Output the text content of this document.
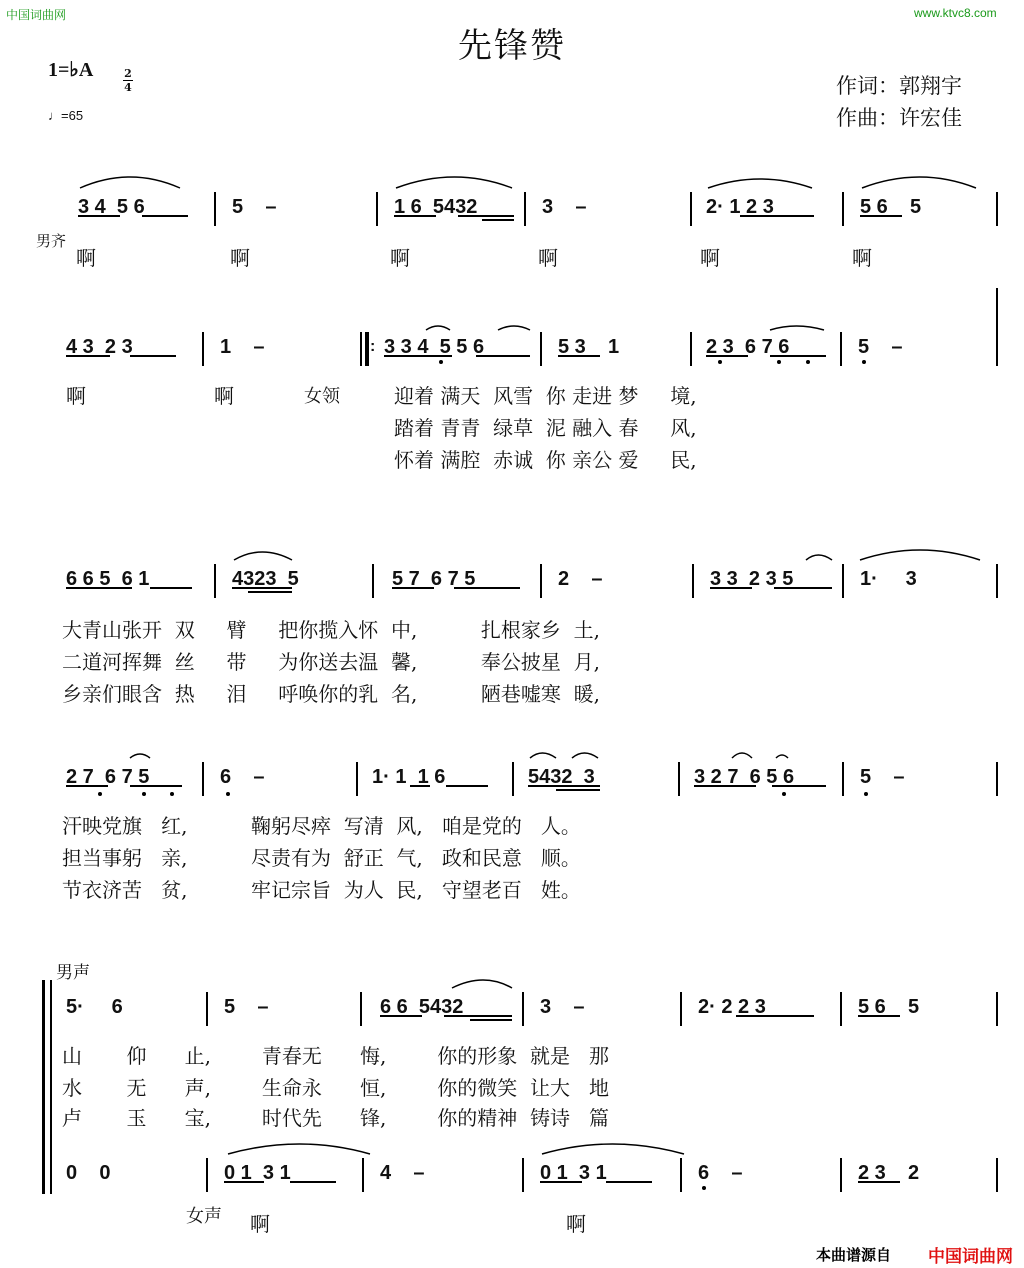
中国词曲网	www.ktvc8.com
先锋赞
作词：郭翔宇
作曲：许宏佳
1=♭A	2
4
♩=65
3 4  5 6	5    –	1 6  5432	3    –	2· 1 2 3	5 6    5
男齐
啊	啊	啊	啊	啊	啊
4 3  2 3	1    –	: 3 3 4  5 5 6	5 3    1	2 3  6 7 6	5    –
啊	啊	女领	迎着 满天  风雪  你 走进 梦     境,
踏着 青青  绿草  泥 融入 春     风,
怀着 满腔  赤诚  你 亲公 爱     民,
6 6 5  6 1	4323  5	5 7  6 7 5	2    –	3 3  2 3 5	1·     3
大青山张开  双     臂     把你揽入怀  中,          扎根家乡  土,
二道河挥舞  丝     带     为你送去温  馨,          奉公披星  月,
乡亲们眼含  热     泪     呼唤你的乳  名,          陋巷嘘寒  暖,
2 7  6 7 5	6    –	1· 1  1 6	5432  3	3 2 7  6 5 6	5    –
汗映党旗   红,          鞠躬尽瘁  写清  风,   咱是党的   人。
担当事躬   亲,          尽责有为  舒正  气,   政和民意   顺。
节衣济苦   贫,          牢记宗旨  为人  民,   守望老百   姓。
男声
5·     6	5    –	6 6  5432	3    –	2· 2 2 3	5 6    5
山       仰      止,        青春无      悔,        你的形象  就是   那
水       无      声,        生命永      恒,        你的微笑  让大   地
卢       玉      宝,        时代先      锋,        你的精神  铸诗   篇
0    0	0 1  3 1	4    –	0 1  3 1	6    –	2 3    2
女声 啊	啊
本曲谱源自 中国词曲网
